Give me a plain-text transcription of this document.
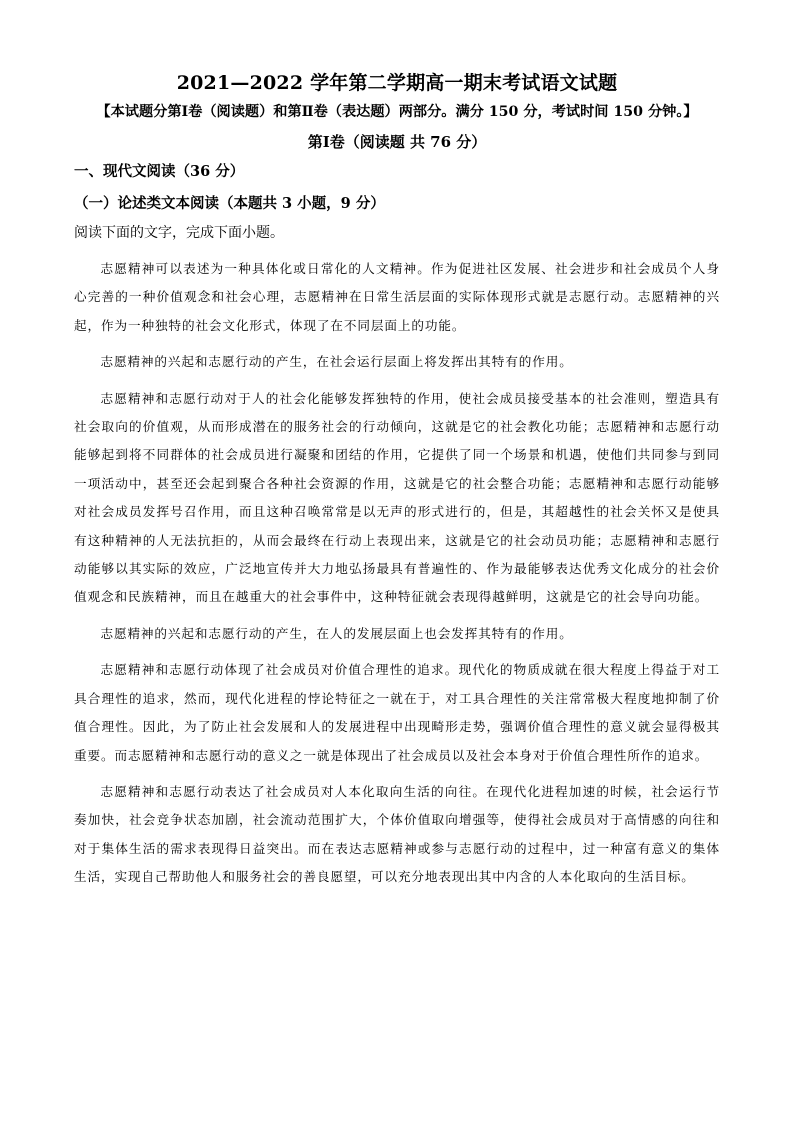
2021—2022 学年第二学期高一期末考试语文试题
【本试题分第Ⅰ卷（阅读题）和第Ⅱ卷（表达题）两部分。满分 150 分，考试时间 150 分钟。】
第Ⅰ卷（阅读题 共 76 分）
一、现代文阅读（36 分）
（一）论述类文本阅读（本题共 3 小题，9 分）
阅读下面的文字，完成下面小题。

志愿精神可以表述为一种具体化或日常化的人文精神。作为促进社区发展、社会进步和社会成员个人身心完善的一种价值观念和社会心理，志愿精神在日常生活层面的实际体现形式就是志愿行动。志愿精神的兴起，作为一种独特的社会文化形式，体现了在不同层面上的功能。

志愿精神的兴起和志愿行动的产生，在社会运行层面上将发挥出其特有的作用。

志愿精神和志愿行动对于人的社会化能够发挥独特的作用，使社会成员接受基本的社会准则，塑造具有社会取向的价值观，从而形成潜在的服务社会的行动倾向，这就是它的社会教化功能；志愿精神和志愿行动能够起到将不同群体的社会成员进行凝聚和团结的作用，它提供了同一个场景和机遇，使他们共同参与到同一项活动中，甚至还会起到聚合各种社会资源的作用，这就是它的社会整合功能；志愿精神和志愿行动能够对社会成员发挥号召作用，而且这种召唤常常是以无声的形式进行的，但是，其超越性的社会关怀又是使具有这种精神的人无法抗拒的，从而会最终在行动上表现出来，这就是它的社会动员功能；志愿精神和志愿行动能够以其实际的效应，广泛地宣传并大力地弘扬最具有普遍性的、作为最能够表达优秀文化成分的社会价值观念和民族精神，而且在越重大的社会事件中，这种特征就会表现得越鲜明，这就是它的社会导向功能。

志愿精神的兴起和志愿行动的产生，在人的发展层面上也会发挥其特有的作用。

志愿精神和志愿行动体现了社会成员对价值合理性的追求。现代化的物质成就在很大程度上得益于对工具合理性的追求，然而，现代化进程的悖论特征之一就在于，对工具合理性的关注常常极大程度地抑制了价值合理性。因此，为了防止社会发展和人的发展进程中出现畸形走势，强调价值合理性的意义就会显得极其重要。而志愿精神和志愿行动的意义之一就是体现出了社会成员以及社会本身对于价值合理性所作的追求。

志愿精神和志愿行动表达了社会成员对人本化取向生活的向往。在现代化进程加速的时候，社会运行节奏加快，社会竞争状态加剧，社会流动范围扩大，个体价值取向增强等，使得社会成员对于高情感的向往和对于集体生活的需求表现得日益突出。而在表达志愿精神或参与志愿行动的过程中，过一种富有意义的集体生活，实现自己帮助他人和服务社会的善良愿望，可以充分地表现出其中内含的人本化取向的生活目标。
